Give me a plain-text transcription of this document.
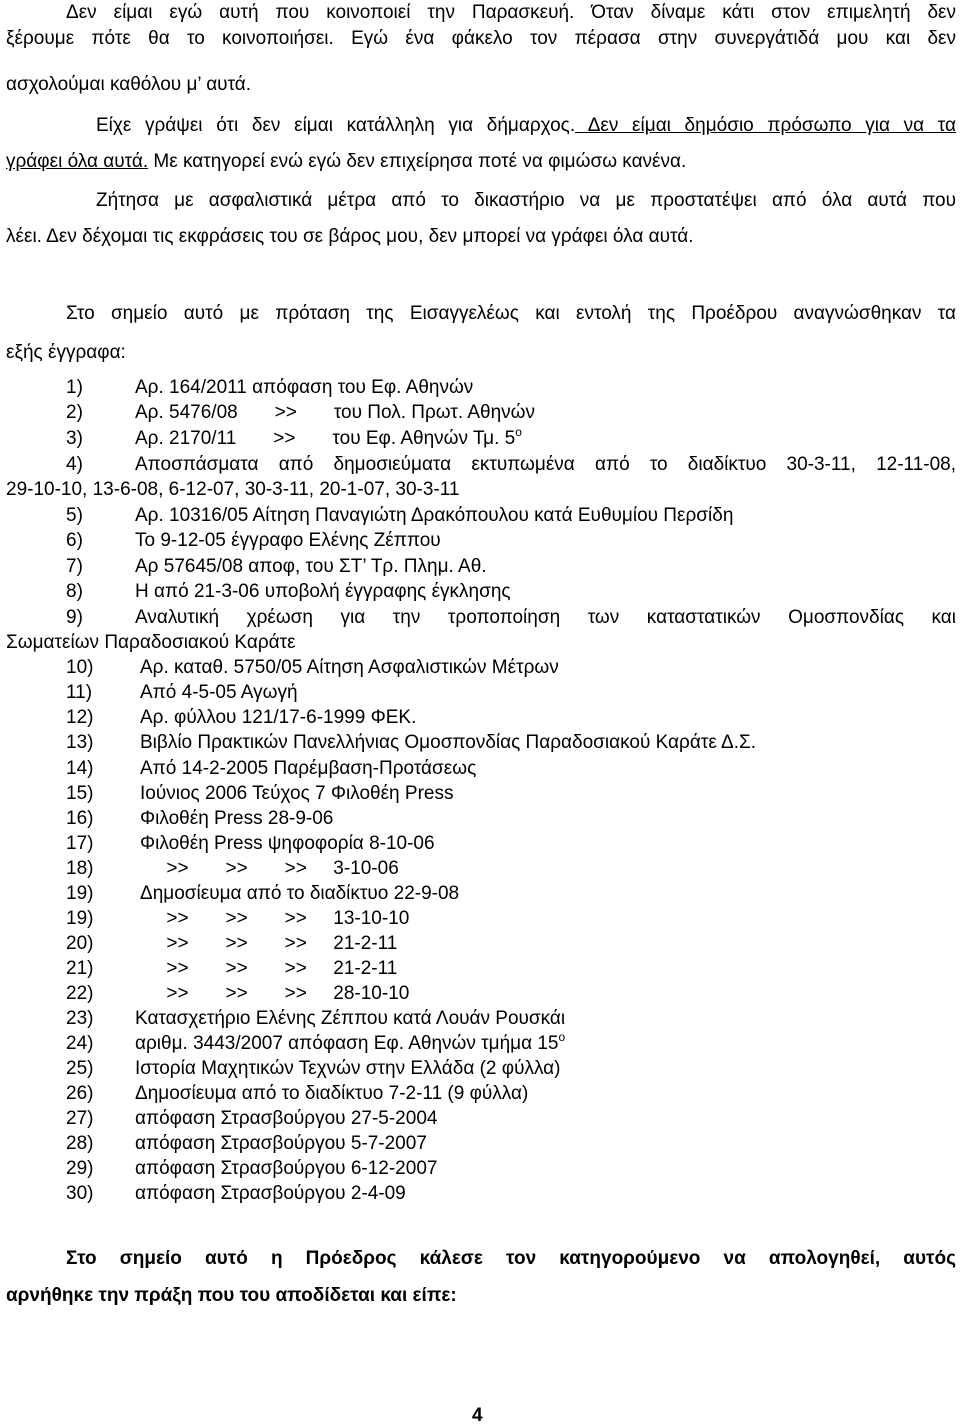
Δεν είμαι εγώ αυτή που κοινοποιεί την Παρασκευή. Όταν δίναμε κάτι στον επιμελητή δεν
ξέρουμε πότε θα το κοινοποιήσει. Εγώ ένα φάκελο τον πέρασα στην συνεργάτιδά μου και δεν
ασχολούμαι καθόλου μ’ αυτά.
Είχε γράψει ότι δεν είμαι κατάλληλη για δήμαρχος. Δεν είμαι δημόσιο πρόσωπο για να τα
γράφει όλα αυτά. Με κατηγορεί ενώ εγώ δεν επιχείρησα ποτέ να φιμώσω κανένα.
Ζήτησα με ασφαλιστικά μέτρα από το δικαστήριο να με προστατέψει από όλα αυτά που
λέει. Δεν δέχομαι τις εκφράσεις του σε βάρος μου, δεν μπορεί να γράφει όλα αυτά.
Στο σημείο αυτό με πρόταση της Εισαγγελέως και εντολή της Προέδρου αναγνώσθηκαν τα
εξής έγγραφα:
1)	Αρ. 164/2011 απόφαση του Εφ. Αθηνών
2)	Αρ. 5476/08       >>       του Πολ. Πρωτ. Αθηνών
3)	Αρ. 2170/11       >>       του Εφ. Αθηνών Τμ. $5^o$
4)	Αποσπάσματα από δημοσιεύματα εκτυπωμένα από το διαδίκτυο 30-3-11, 12-11-08,
29-10-10, 13-6-08, 6-12-07, 30-3-11, 20-1-07, 30-3-11
5)	Αρ. 10316/05 Αίτηση Παναγιώτη Δρακόπουλου κατά Ευθυμίου Περσίδη
6)	Το 9-12-05 έγγραφο Ελένης Ζέππου
7)	Αρ 57645/08 αποφ, του ΣΤ’ Τρ. Πλημ. Αθ.
8)	Η από 21-3-06 υποβολή έγγραφης έγκλησης
9)	Αναλυτική χρέωση για την τροποποίηση των καταστατικών Ομοσπονδίας και
Σωματείων Παραδοσιακού Καράτε
10) Αρ. καταθ. 5750/05 Αίτηση Ασφαλιστικών Μέτρων
11)	Από 4-5-05 Αγωγή
12) Αρ. φύλλου 121/17-6-1999 ΦΕΚ.
13) Βιβλίο Πρακτικών Πανελλήνιας Ομοσπονδίας Παραδοσιακού Καράτε Δ.Σ.
14) Από 14-2-2005 Παρέμβαση-Προτάσεως
15) Ιούνιος 2006 Τεύχος 7 Φιλοθέη Press
16) Φιλοθέη Press 28-9-06
17) Φιλοθέη Press ψηφοφορία 8-10-06
18) >>       >>       >>     3-10-06
19) Δημοσίευμα από το διαδίκτυο 22-9-08
19) >>       >>       >>     13-10-10
20) >>       >>       >>     21-2-11
21) >>       >>       >>     21-2-11
22) >>       >>       >>     28-10-10
23) Κατασχετήριο Ελένης Ζέππου κατά Λουάν Ρουσκάι
24) αριθμ. 3443/2007 απόφαση Εφ. Αθηνών τμήμα $15^o$
25) Ιστορία Μαχητικών Τεχνών στην Ελλάδα (2 φύλλα)
26) Δημοσίευμα από το διαδίκτυο 7-2-11 (9 φύλλα)
27) απόφαση Στρασβούργου 27-5-2004
28) απόφαση Στρασβούργου 5-7-2007
29) απόφαση Στρασβούργου 6-12-2007
30) απόφαση Στρασβούργου 2-4-09
Στο σημείο αυτό η Πρόεδρος κάλεσε τον κατηγορούμενο να απολογηθεί, αυτός
αρνήθηκε την πράξη που του αποδίδεται και είπε:
4
